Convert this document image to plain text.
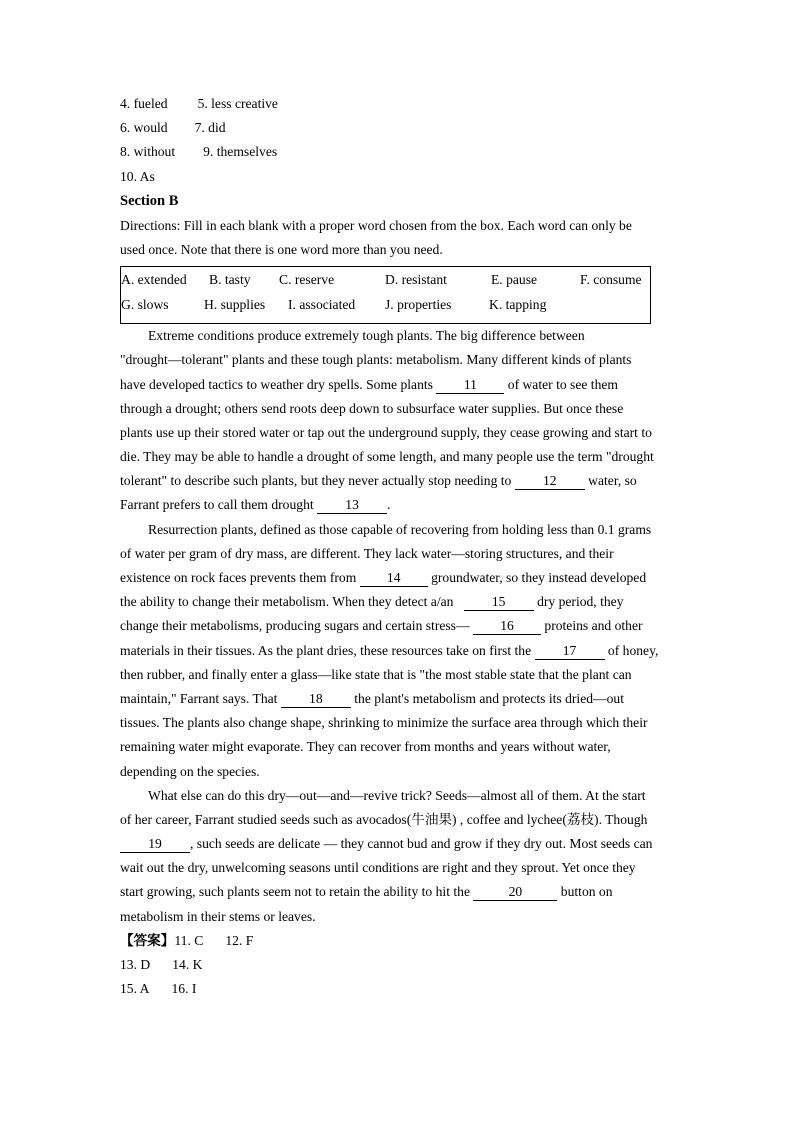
4. fueled 5. less creative
6. would 7. did
8. without 9. themselves
10. As
Section B
Directions: Fill in each blank with a proper word chosen from the box. Each word can only be
used once. Note that there is one word more than you need.
A. extended B. tasty C. reserve	D. resistant	E. pause	F. consume
G. slows	H. supplies I. associated J. properties	K. tapping
Extreme conditions produce extremely tough plants. The big difference between
"drought—tolerant" plants and these tough plants: metabolism. Many different kinds of plants
have developed tactics to weather dry spells. Some plants 11 of water to see them
through a drought; others send roots deep down to subsurface water supplies. But once these
plants use up their stored water or tap out the underground supply, they cease growing and start to
die. They may be able to handle a drought of some length, and many people use the term "drought
tolerant" to describe such plants, but they never actually stop needing to 12 water, so
Farrant prefers to call them drought 13 .
Resurrection plants, defined as those capable of recovering from holding less than 0.1 grams
of water per gram of dry mass, are different. They lack water—storing structures, and their
existence on rock faces prevents them from 14 groundwater, so they instead developed
the ability to change their metabolism. When they detect a/an	15 dry period, they
change their metabolisms, producing sugars and certain stress— 16 proteins and other
materials in their tissues. As the plant dries, these resources take on first the 17 of honey,
then rubber, and finally enter a glass—like state that is "the most stable state that the plant can
maintain," Farrant says. That 18 the plant's metabolism and protects its dried—out
tissues. The plants also change shape, shrinking to minimize the surface area through which their
remaining water might evaporate. They can recover from months and years without water,
depending on the species.
What else can do this dry—out—and—revive trick? Seeds—almost all of them. At the start
of her career, Farrant studied seeds such as avocados(牛油果) , coffee and lychee(荔枝). Though
19 , such seeds are delicate — they cannot bud and grow if they dry out. Most seeds can
wait out the dry, unwelcoming seasons until conditions are right and they sprout. Yet once they
start growing, such plants seem not to retain the ability to hit the	20	button on
metabolism in their stems or leaves.
【答案】11. C 12. F
13. D 14. K
15. A 16. I
